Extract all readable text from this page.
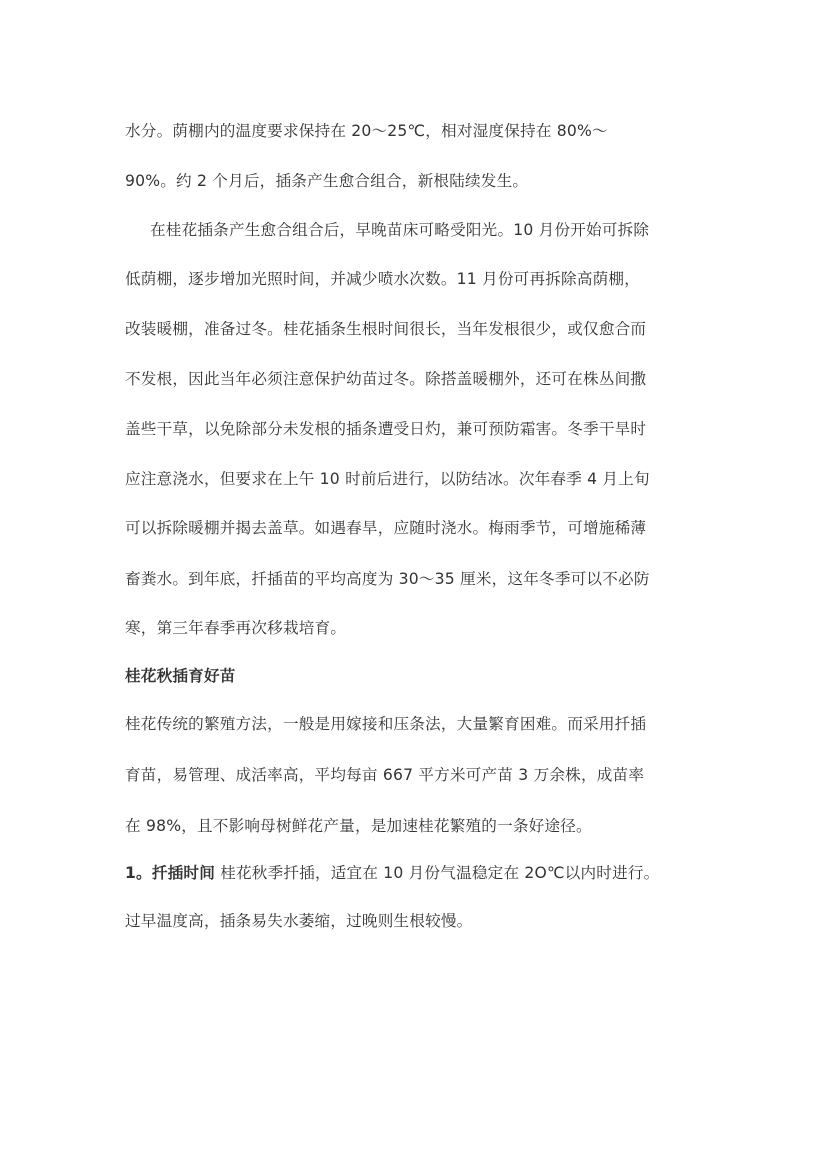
水分。荫棚内的温度要求保持在 20～25℃，相对湿度保持在 80%～
90%。约 2 个月后，插条产生愈合组合，新根陆续发生。
在桂花插条产生愈合组合后，早晚苗床可略受阳光。10 月份开始可拆除
低荫棚，逐步增加光照时间，并减少喷水次数。11 月份可再拆除高荫棚，
改装暖棚，准备过冬。桂花插条生根时间很长，当年发根很少，或仅愈合而
不发根，因此当年必须注意保护幼苗过冬。除搭盖暖棚外，还可在株丛间撒
盖些干草，以免除部分未发根的插条遭受日灼，兼可预防霜害。冬季干旱时
应注意浇水，但要求在上午 10 时前后进行，以防结冰。次年春季 4 月上旬
可以拆除暖棚并揭去盖草。如遇春旱，应随时浇水。梅雨季节，可增施稀薄
畜粪水。到年底，扦插苗的平均高度为 30～35 厘米，这年冬季可以不必防
寒，第三年春季再次移栽培育。
桂花秋插育好苗
桂花传统的繁殖方法，一般是用嫁接和压条法，大量繁育困难。而采用扦插
育苗，易管理、成活率高，平均每亩 667 平方米可产苗 3 万余株，成苗率
在 98%，且不影响母树鲜花产量，是加速桂花繁殖的一条好途径。
1。扦插时间 桂花秋季扦插，适宜在 10 月份气温稳定在 2O℃以内时进行。
过早温度高，插条易失水萎缩，过晚则生根较慢。
